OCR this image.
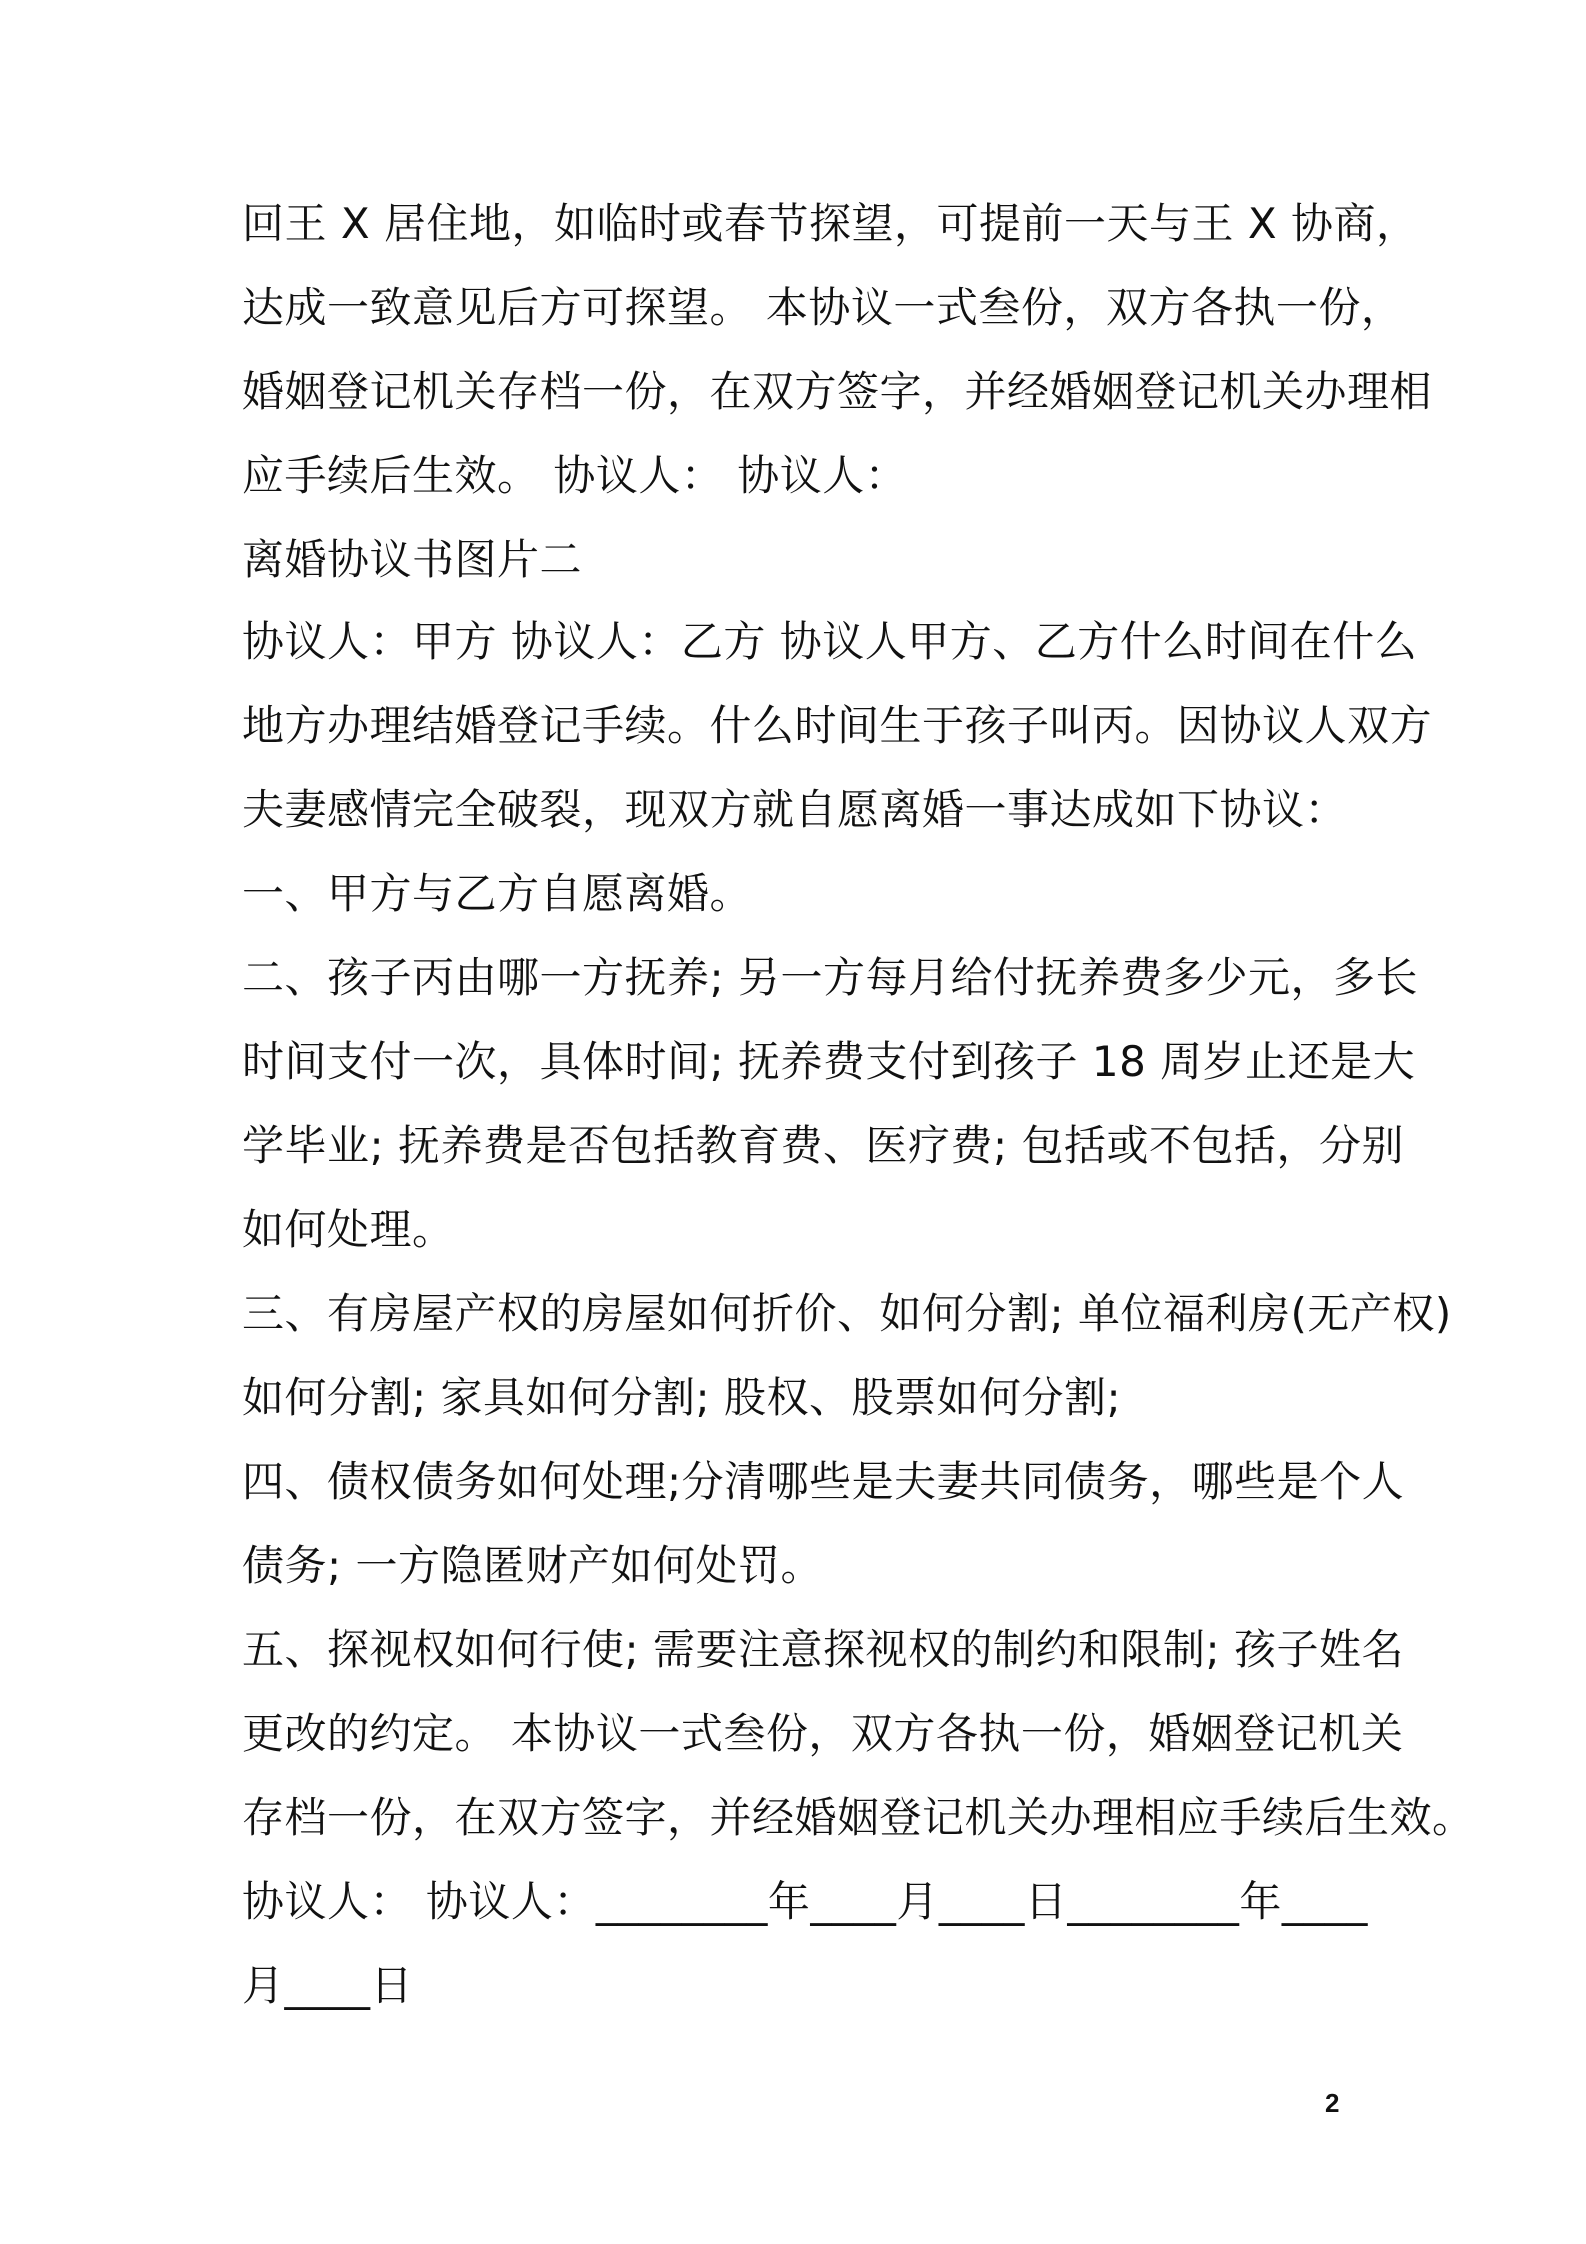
回王 X 居住地，如临时或春节探望，可提前一天与王 X 协商，
达成一致意见后方可探望。 本协议一式叁份，双方各执一份，
婚姻登记机关存档一份，在双方签字，并经婚姻登记机关办理相
应手续后生效。 协议人： 协议人：
离婚协议书图片二
协议人：甲方 协议人：乙方 协议人甲方、乙方什么时间在什么
地方办理结婚登记手续。什么时间生于孩子叫丙。因协议人双方
夫妻感情完全破裂，现双方就自愿离婚一事达成如下协议：
一、甲方与乙方自愿离婚。
二、孩子丙由哪一方抚养; 另一方每月给付抚养费多少元，多长
时间支付一次，具体时间; 抚养费支付到孩子 18 周岁止还是大
学毕业; 抚养费是否包括教育费、医疗费; 包括或不包括，分别
如何处理。
三、有房屋产权的房屋如何折价、如何分割; 单位福利房(无产权)
如何分割; 家具如何分割; 股权、股票如何分割;
四、债权债务如何处理;分清哪些是夫妻共同债务，哪些是个人
债务; 一方隐匿财产如何处罚。
五、探视权如何行使; 需要注意探视权的制约和限制; 孩子姓名
更改的约定。 本协议一式叁份，双方各执一份，婚姻登记机关
存档一份，在双方签字，并经婚姻登记机关办理相应手续后生效。
协议人： 协议人：________年____月____日________年____
月____日
2
